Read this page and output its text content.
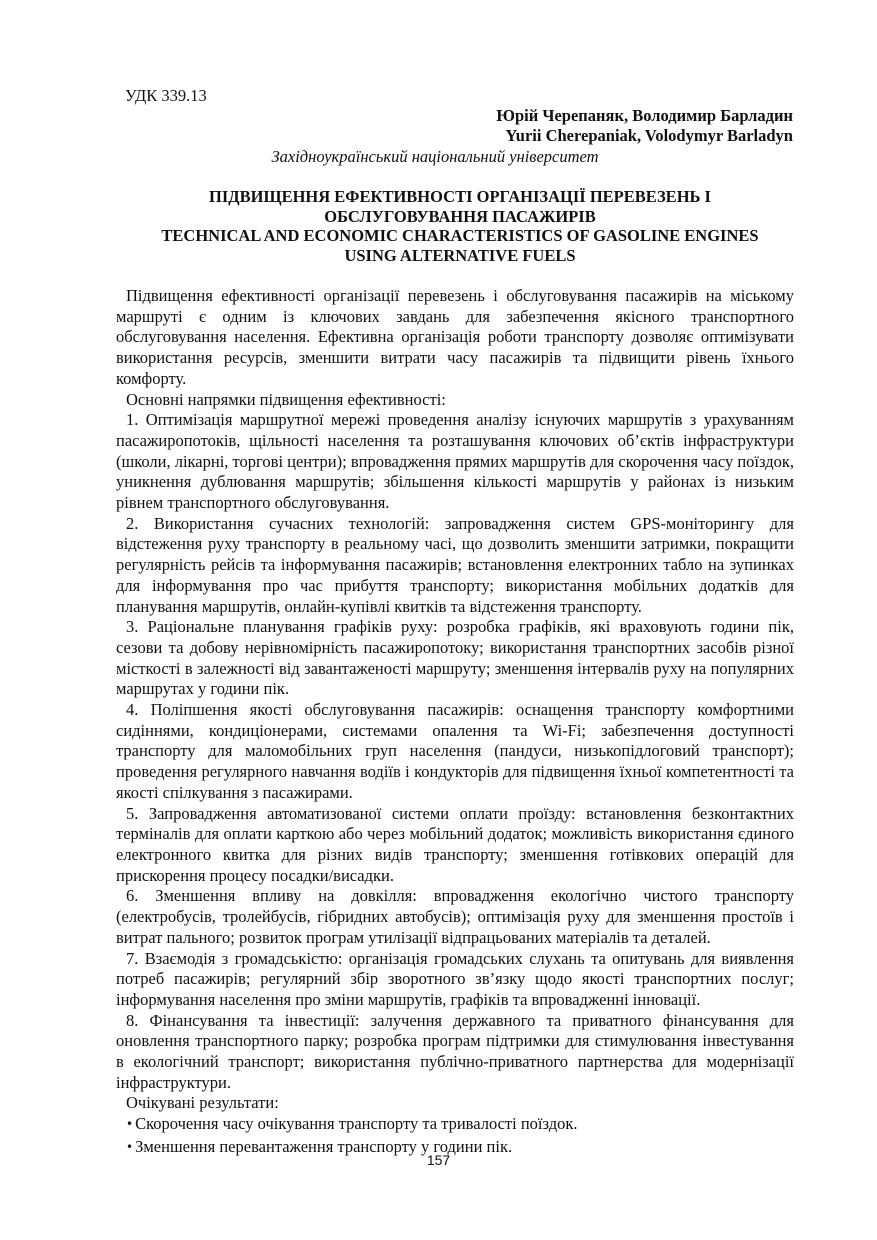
УДК 339.13
Юрій Черепаняк, Володимир Барладин
Yurii Cherepaniak, Volodymyr Barladyn
Західноукраїнський національний університет
ПІДВИЩЕННЯ ЕФЕКТИВНОСТІ ОРГАНІЗАЦІЇ ПЕРЕВЕЗЕНЬ І
ОБСЛУГОВУВАННЯ ПАСАЖИРІВ
TECHNICAL AND ECONOMIC CHARACTERISTICS OF GASOLINE ENGINES
USING ALTERNATIVE FUELS

Підвищення ефективності організації перевезень і обслуговування пасажирів на міському маршруті є одним із ключових завдань для забезпечення якісного транспортного обслуговування населення. Ефективна організація роботи транспорту дозволяє оптимізувати використання ресурсів, зменшити витрати часу пасажирів та підвищити рівень їхнього комфорту.

Основні напрямки підвищення ефективності:

1. Оптимізація маршрутної мережі проведення аналізу існуючих маршрутів з урахуванням пасажиропотоків, щільності населення та розташування ключових об’єктів інфраструктури (школи, лікарні, торгові центри); впровадження прямих маршрутів для скорочення часу поїздок, уникнення дублювання маршрутів; збільшення кількості маршрутів у районах із низьким рівнем транспортного обслуговування.

2. Використання сучасних технологій: запровадження систем GPS-моніторингу для відстеження руху транспорту в реальному часі, що дозволить зменшити затримки, покращити регулярність рейсів та інформування пасажирів; встановлення електронних табло на зупинках для інформування про час прибуття транспорту; використання мобільних додатків для планування маршрутів, онлайн-купівлі квитків та відстеження транспорту.

3. Раціональне планування графіків руху: розробка графіків, які враховують години пік, сезови та добову нерівномірність пасажиропотоку; використання транспортних засобів різної місткості в залежності від завантаженості маршруту; зменшення інтервалів руху на популярних маршрутах у години пік.

4. Поліпшення якості обслуговування пасажирів: оснащення транспорту комфортними сидіннями, кондиціонерами, системами опалення та Wi-Fi; забезпечення доступності транспорту для маломобільних груп населення (пандуси, низькопідлоговий транспорт); проведення регулярного навчання водіїв і кондукторів для підвищення їхньої компетентності та якості спілкування з пасажирами.

5. Запровадження автоматизованої системи оплати проїзду: встановлення безконтактних терміналів для оплати карткою або через мобільний додаток; можливість використання єдиного електронного квитка для різних видів транспорту; зменшення готівкових операцій для прискорення процесу посадки/висадки.

6. Зменшення впливу на довкілля: впровадження екологічно чистого транспорту (електробусів, тролейбусів, гібридних автобусів); оптимізація руху для зменшення простоїв і витрат пального; розвиток програм утилізації відпрацьованих матеріалів та деталей.

7. Взаємодія з громадськістю: організація громадських слухань та опитувань для виявлення потреб пасажирів; регулярний збір зворотного зв’язку щодо якості транспортних послуг; інформування населення про зміни маршрутів, графіків та впровадженні інновації.

8. Фінансування та інвестиції: залучення державного та приватного фінансування для оновлення транспортного парку; розробка програм підтримки для стимулювання інвестування в екологічний транспорт; використання публічно-приватного партнерства для модернізації інфраструктури.

Очікувані результати:

• Скорочення часу очікування транспорту та тривалості поїздок.
• Зменшення перевантаження транспорту у години пік.
157
